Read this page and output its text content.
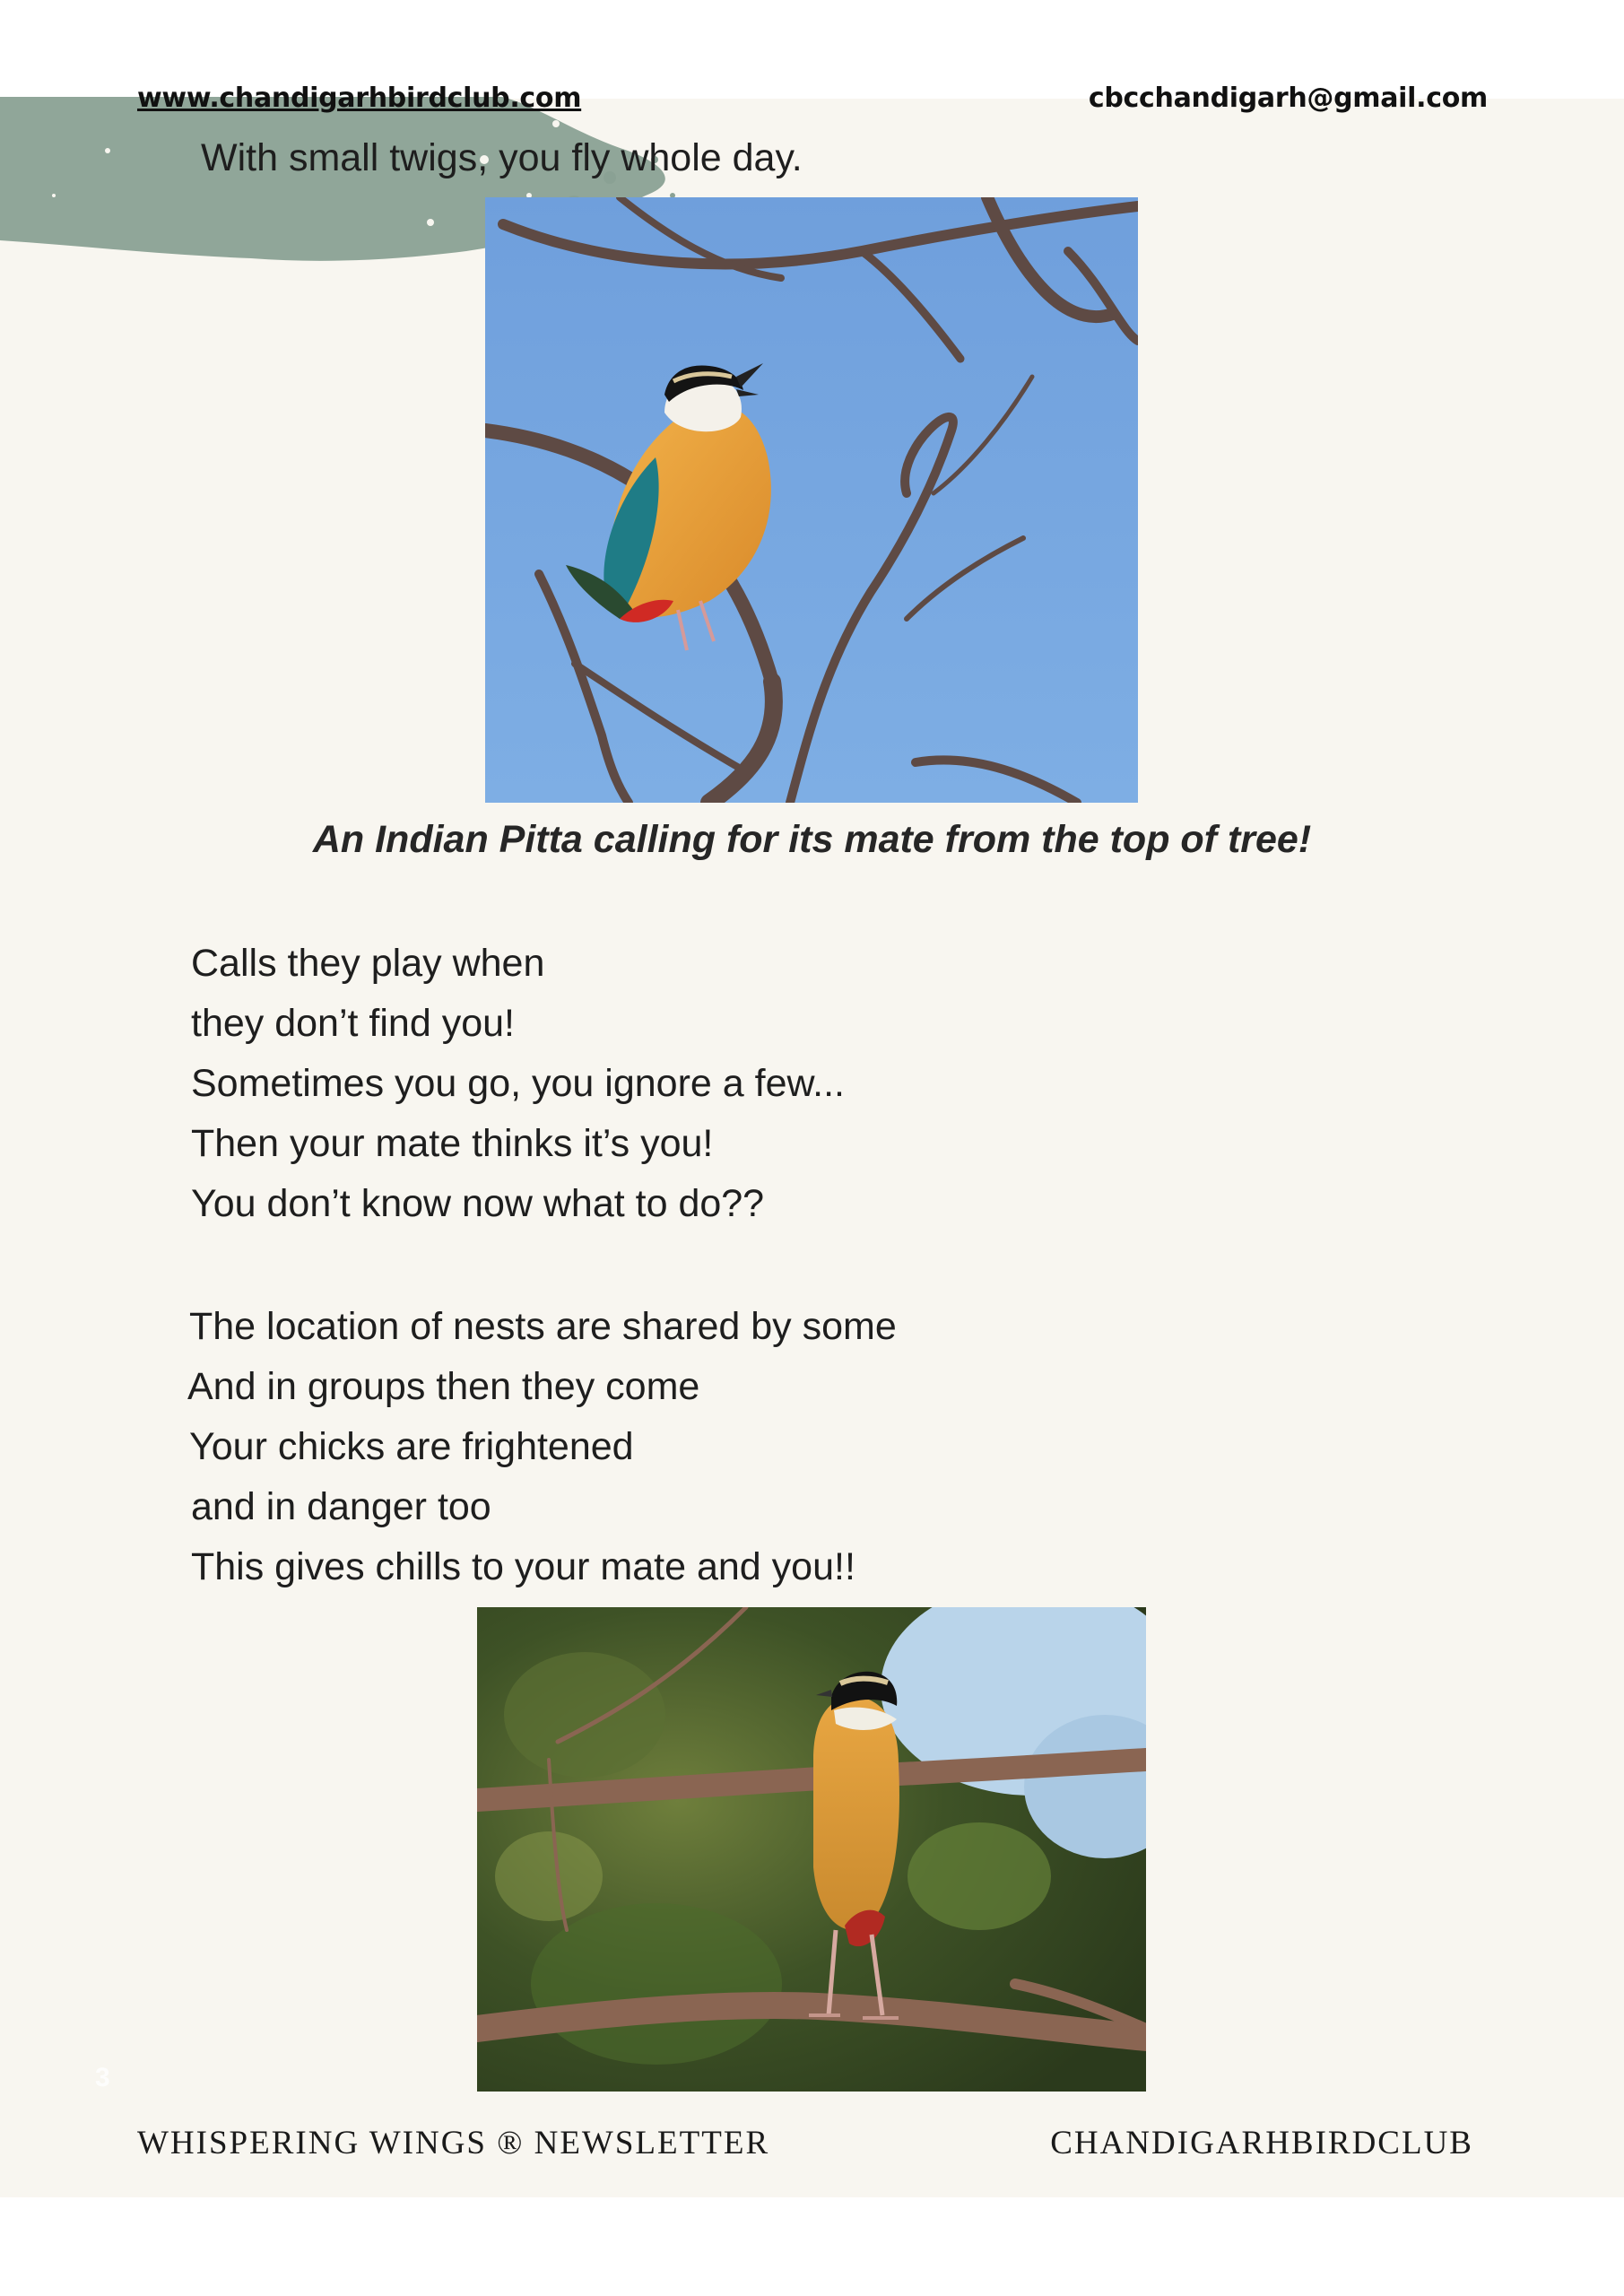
www.chandigarhbirdclub.com	cbcchandigarh@gmail.com
With small twigs, you fly whole day.
An Indian Pitta calling for its mate from the top of tree!
Calls they play when
they don’t find you!
Sometimes you go, you ignore a few...
Then your mate thinks it’s you!
You don’t know now what to do??
The location of nests are shared by some
And in groups then they come
Your chicks are frightened
and in danger too
This gives chills to your mate and you!!
3
WHISPERING WINGS ® NEWSLETTER	CHANDIGARHBIRDCLUB
